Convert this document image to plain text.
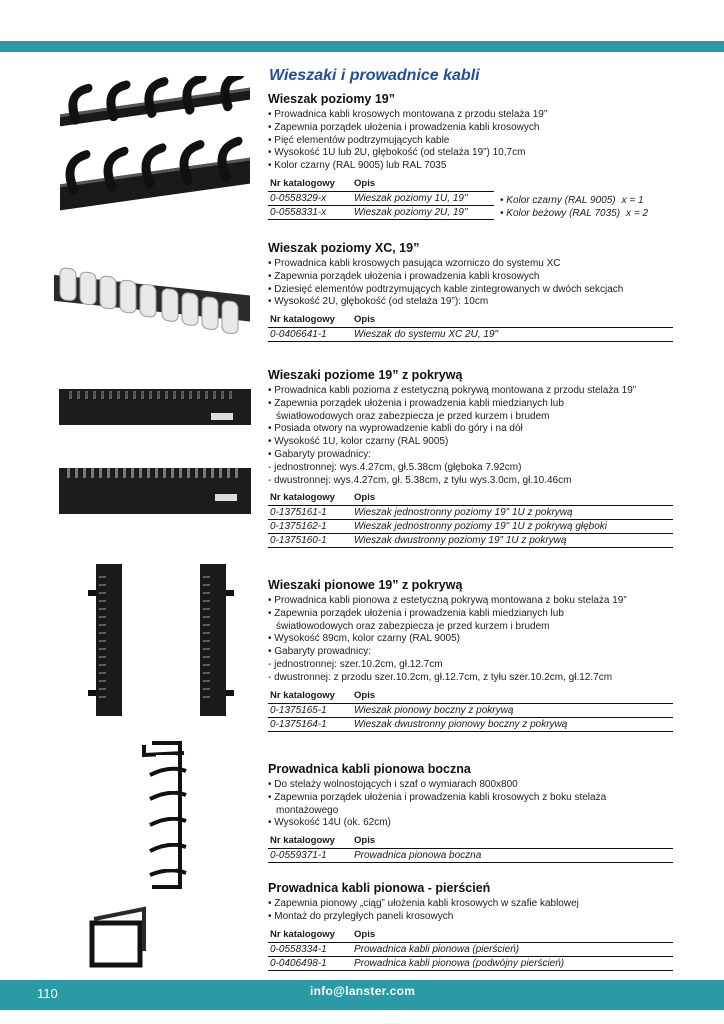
Wieszaki i prowadnice kabli
Wieszak poziomy 19”
• Prowadnica kabli krosowych montowana z przodu stelaża 19”
• Zapewnia porządek ułożenia i prowadzenia kabli krosowych
• Pięć elementów podtrzymujących kable
• Wysokość 1U lub 2U, głębokość (od stelaża 19”) 10,7cm
• Kolor czarny (RAL 9005) lub RAL 7035
Nr katalogowy	Opis
0-0558329-x	Wieszak poziomy 1U, 19"
0-0558331-x	Wieszak poziomy 2U, 19"
• Kolor czarny (RAL 9005) x = 1
• Kolor beżowy (RAL 7035) x = 2
Wieszak poziomy XC, 19”
• Prowadnica kabli krosowych pasująca wzorniczo do systemu XC
• Zapewnia porządek ułożenia i prowadzenia kabli krosowych
• Dziesięć elementów podtrzymujących kable zintegrowanych w dwóch sekcjach
• Wysokość 2U, głębokość (od stelaża 19”): 10cm
Nr katalogowy	Opis
0-0406641-1	Wieszak do systemu XC 2U, 19"
Wieszaki poziome 19” z pokrywą
• Prowadnica kabli pozioma z estetyczną pokrywą montowana z przodu stelaża 19”
• Zapewnia porządek ułożenia i prowadzenia kabli miedzianych lub
światłowodowych oraz zabezpiecza je przed kurzem i brudem
• Posiada otwory na wyprowadzenie kabli do góry i na dół
• Wysokość 1U, kolor czarny (RAL 9005)
• Gabaryty prowadnicy:
- jednostronnej: wys.4.27cm, gł.5.38cm (głęboka 7.92cm)
- dwustronnej: wys.4.27cm, gł. 5.38cm, z tyłu wys.3.0cm, gł.10.46cm
Nr katalogowy	Opis
0-1375161-1	Wieszak jednostronny poziomy 19" 1U z pokrywą
0-1375162-1	Wieszak jednostronny poziomy 19" 1U z pokrywą głęboki
0-1375160-1	Wieszak dwustronny poziomy 19" 1U z pokrywą
Wieszaki pionowe 19” z pokrywą
• Prowadnica kabli pionowa z estetyczną pokrywą montowana z boku stelaża 19”
• Zapewnia porządek ułożenia i prowadzenia kabli miedzianych lub
światłowodowych oraz zabezpiecza je przed kurzem i brudem
• Wysokość 89cm, kolor czarny (RAL 9005)
• Gabaryty prowadnicy:
- jednostronnej: szer.10.2cm, gł.12.7cm
- dwustronnej: z przodu szer.10.2cm, gł.12.7cm, z tyłu szer.10.2cm, gł.12.7cm
Nr katalogowy	Opis
0-1375165-1	Wieszak pionowy boczny z pokrywą
0-1375164-1	Wieszak dwustronny pionowy boczny z pokrywą
Prowadnica kabli pionowa boczna
• Do stelaży wolnostojących i szaf o wymiarach 800x800
• Zapewnia porządek ułożenia i prowadzenia kabli krosowych z boku stelaża
montażowego
• Wysokość 14U (ok. 62cm)
Nr katalogowy	Opis
0-0559371-1	Prowadnica pionowa boczna
Prowadnica kabli pionowa - pierścień
• Zapewnia pionowy „ciąg” ułożenia kabli krosowych w szafie kablowej
• Montaż do przyległych paneli krosowych
Nr katalogowy	Opis
0-0558334-1	Prowadnica kabli pionowa (pierścień)
0-0406498-1	Prowadnica kabli pionowa (podwójny pierścień)
110	info@lanster.com
